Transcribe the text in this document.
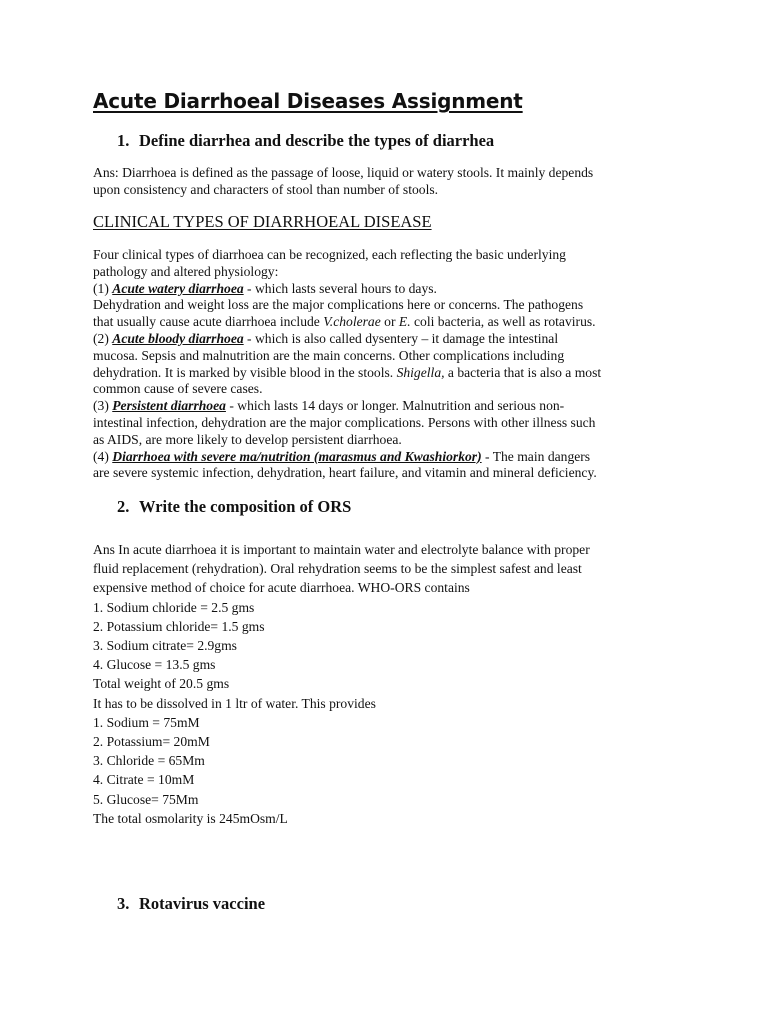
Acute Diarrhoeal Diseases Assignment
1. Define diarrhea and describe the types of diarrhea

Ans: Diarrhoea is defined as the passage of loose, liquid or watery stools. It mainly depends

upon consistency and characters of stool than number of stools.

CLINICAL TYPES OF DIARRHOEAL DISEASE

Four clinical types of diarrhoea can be recognized, each reflecting the basic underlying

pathology and altered physiology:

(1) Acute watery diarrhoea - which lasts several hours to days.

Dehydration and weight loss are the major complications here or concerns. The pathogens

that usually cause acute diarrhoea include V.cholerae or E. coli bacteria, as well as rotavirus.

(2) Acute bloody diarrhoea - which is also called dysentery – it damage the intestinal

mucosa. Sepsis and malnutrition are the main concerns. Other complications including

dehydration. It is marked by visible blood in the stools. Shigella, a bacteria that is also a most

common cause of severe cases.

(3) Persistent diarrhoea - which lasts 14 days or longer. Malnutrition and serious non-

intestinal infection, dehydration are the major complications. Persons with other illness such

as AIDS, are more likely to develop persistent diarrhoea.

(4) Diarrhoea with severe ma/nutrition (marasmus and Kwashiorkor) - The main dangers

are severe systemic infection, dehydration, heart failure, and vitamin and mineral deficiency.

2. Write the composition of ORS

Ans In acute diarrhoea it is important to maintain water and electrolyte balance with proper

fluid replacement (rehydration). Oral rehydration seems to be the simplest safest and least

expensive method of choice for acute diarrhoea. WHO-ORS contains

1. Sodium chloride = 2.5 gms

2. Potassium chloride= 1.5 gms

3. Sodium citrate= 2.9gms

4. Glucose = 13.5 gms

Total weight of 20.5 gms

It has to be dissolved in 1 ltr of water. This provides

1. Sodium = 75mM

2. Potassium= 20mM

3. Chloride = 65Mm

4. Citrate = 10mM

5. Glucose= 75Mm

The total osmolarity is 245mOsm/L

3. Rotavirus vaccine
